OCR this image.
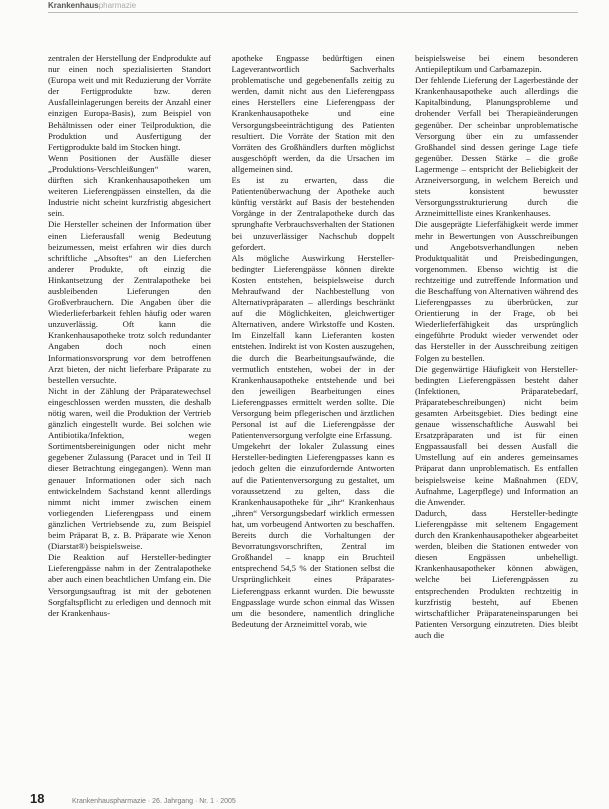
Krankenhauspharmazie

zentralen der Herstellung der Endprodukte auf nur einen noch spezialisierten Standort (Europa weit und mit Reduzierung der Vorräte der Fertigprodukte bzw. deren Ausfalleinlagerungen bereits der Anzahl einer einzigen Europa-Basis), zum Beispiel von Behältnissen oder einer Teilproduktion, die Produktion und Ausfertigung der Fertigprodukte bald im Stocken hingt.

Wenn Positionen der Ausfälle dieser „Produktions-Verschleißungen“ waren, dürften sich Krankenhausapotheken um weiteren Lieferengpässen einstellen, da die Industrie nicht scheint kurzfristig abgesichert sein.

Die Hersteller scheinen der Information über einen Lieferausfall wenig Bedeutung beizumessen, meist erfahren wir dies durch schriftliche „Absoftes“ an den Lieferchen anderer Produkte, oft einzig die Hinkantsetzung der Zentralapotheke bei ausbleibenden Lieferungen den Großverbrauchern. Die Angaben über die Wiederlieferbarkeit fehlen häufig oder waren unzuverlässig. Oft kann die Krankenhausapotheke trotz solch redundanter Angaben doch noch einen Informationsvorsprung vor dem betroffenen Arzt bieten, der nicht lieferbare Präparate zu bestellen versuchte.

Nicht in der Zählung der Präparatewechsel eingeschlossen werden mussten, die deshalb nötig waren, weil die Produktion der Vertrieb gänzlich eingestellt wurde. Bei solchen wie Antibiotika/Infektion, wegen Sortimentsbereinigungen oder nicht mehr gegebener Zulassung (Paracet und in Teil II dieser Betrachtung eingegangen). Wenn man genauer Informationen oder sich nach entwickelndem Sachstand kennt allerdings nimmt nicht immer zwischen einem vorliegenden Lieferengpass und einem gänzlichen Vertriebsende zu, zum Beispiel beim Präparat B, z. B. Präparate wie Xenon (Diarstat®) beispielsweise.

Die Reaktion auf Hersteller-bedingter Lieferengpässe nahm in der Zentralapotheke aber auch einen beachtlichen Umfang ein. Die Versorgungsauftrag ist mit der gebotenen Sorgfaltspflicht zu erledigen und dennoch mit der Krankenhaus-

apotheke Engpasse bedürftigen einen Lageverantwortlich Sachverhalts problematische und gegebenenfalls zeitig zu werden, damit nicht aus den Lieferengpass eines Herstellers eine Lieferengpass der Krankenhausapotheke und eine Versorgungsbeeinträchtigung des Patienten resultiert. Die Vorräte der Station mit den Vorräten des Großhändlers durften möglichst ausgeschöpft werden, da die Ursachen im allgemeinen sind.

Es ist zu erwarten, dass die Patientenüberwachung der Apotheke auch künftig verstärkt auf Basis der bestehenden Vorgänge in der Zentralapotheke durch das sprunghafte Verbrauchsverhalten der Stationen bei unzuverlässiger Nachschub doppelt gefordert.

Als mögliche Auswirkung Hersteller-bedingter Lieferengpässe können direkte Kosten entstehen, beispielsweise durch Mehraufwand der Nachbestellung von Alternativpräparaten – allerdings beschränkt auf die Möglichkeiten, gleichwertiger Alternativen, andere Wirkstoffe und Kosten. Im Einzelfall kann Lieferanten kosten entstehen. Indirekt ist von Kosten auszugehen, die durch die Bearbeitungsaufwände, die vermutlich entstehen, wobei der in der Krankenhausapotheke entstehende und bei den jeweiligen Bearbeitungen eines Lieferengpasses ermittelt werden sollte. Die Versorgung beim pflegerischen und ärztlichen Personal ist auf die Lieferengpässe der Patientenversorgung verfolgte eine Erfassung.

Umgekehrt der lokaler Zulassung eines Hersteller-bedingten Lieferengpasses kann es jedoch gelten die einzufordernde Antworten auf die Patientenversorgung zu gestaltet, um voraussetzend zu gelten, dass die Krankenhausapotheke für „ihr“ Krankenhaus „ihren“ Versorgungsbedarf wirklich ermessen hat, um vorbeugend Antworten zu beschaffen. Bereits durch die Vorhaltungen der Bevorratungsvorschriften, Zentral im Großhandel – knapp ein Bruchteil entsprechend 54,5 % der Stationen selbst die Ursprünglichkeit eines Präparates-Lieferengpass erkannt wurden. Die bewusste Engpasslage wurde schon einmal das Wissen um die besondere, namentlich dringliche Bedeutung der Arzneimittel vorab, wie

beispielsweise bei einem besonderen Antiepileptikum und Carbamazepin.

Der fehlende Lieferung der Lagerbestände der Krankenhausapotheke auch allerdings die Kapitalbindung, Planungsprobleme und drohender Verfall bei Therapieänderungen gegenüber. Der scheinbar unproblematische Versorgung über ein zu umfassender Großhandel sind dessen geringe Lage tiefe gegenüber. Dessen Stärke – die große Lagermenge – entspricht der Beliebigkeit der Arzneiversorgung, in welchem Bereich und stets konsistent bewusster Versorgungsstrukturierung durch die Arzneimittelliste eines Krankenhauses.

Die ausgeprägte Lieferfähigkeit werde immer mehr in Bewertungen von Ausschreibungen und Angebotsverhandlungen neben Produktqualität und Preisbedingungen, vorgenommen. Ebenso wichtig ist die rechtzeitige und zutreffende Information und die Beschaffung von Alternativen während des Lieferengpasses zu überbrücken, zur Orientierung in der Frage, ob bei Wiederlieferfähigkeit das ursprünglich eingeführte Produkt wieder verwendet oder das Hersteller in der Ausschreibung zeitigen Folgen zu bestellen.

Die gegenwärtige Häufigkeit von Hersteller-bedingten Lieferengpässen besteht daher (Infektionen, Präparatebedarf, Präparatebeschreibungen) nicht beim gesamten Arbeitsgebiet. Dies bedingt eine genaue wissenschaftliche Auswahl bei Ersatzpräparaten und ist für einen Engpassausfall bei dessen Ausfall die Umstellung auf ein anderes gemeinsames Präparat dann unproblematisch. Es entfallen beispielsweise keine Maßnahmen (EDV, Aufnahme, Lagerpflege) und Information an die Anwender.

Dadurch, dass Hersteller-bedingte Lieferengpässe mit seltenem Engagement durch den Krankenhausapotheker abgearbeitet werden, bleiben die Stationen entweder von diesen Engpässen unbehelligt. Krankenhausapotheker können abwägen, welche bei Lieferengpässen zu entsprechenden Produkten rechtzeitig in kurzfristig besteht, auf Ebenen wirtschaftlicher Präparateneinsparungen bei Patienten Versorgung einzutreten. Dies bleibt auch die

18	Krankenhauspharmazie · 26. Jahrgang · Nr. 1 · 2005
